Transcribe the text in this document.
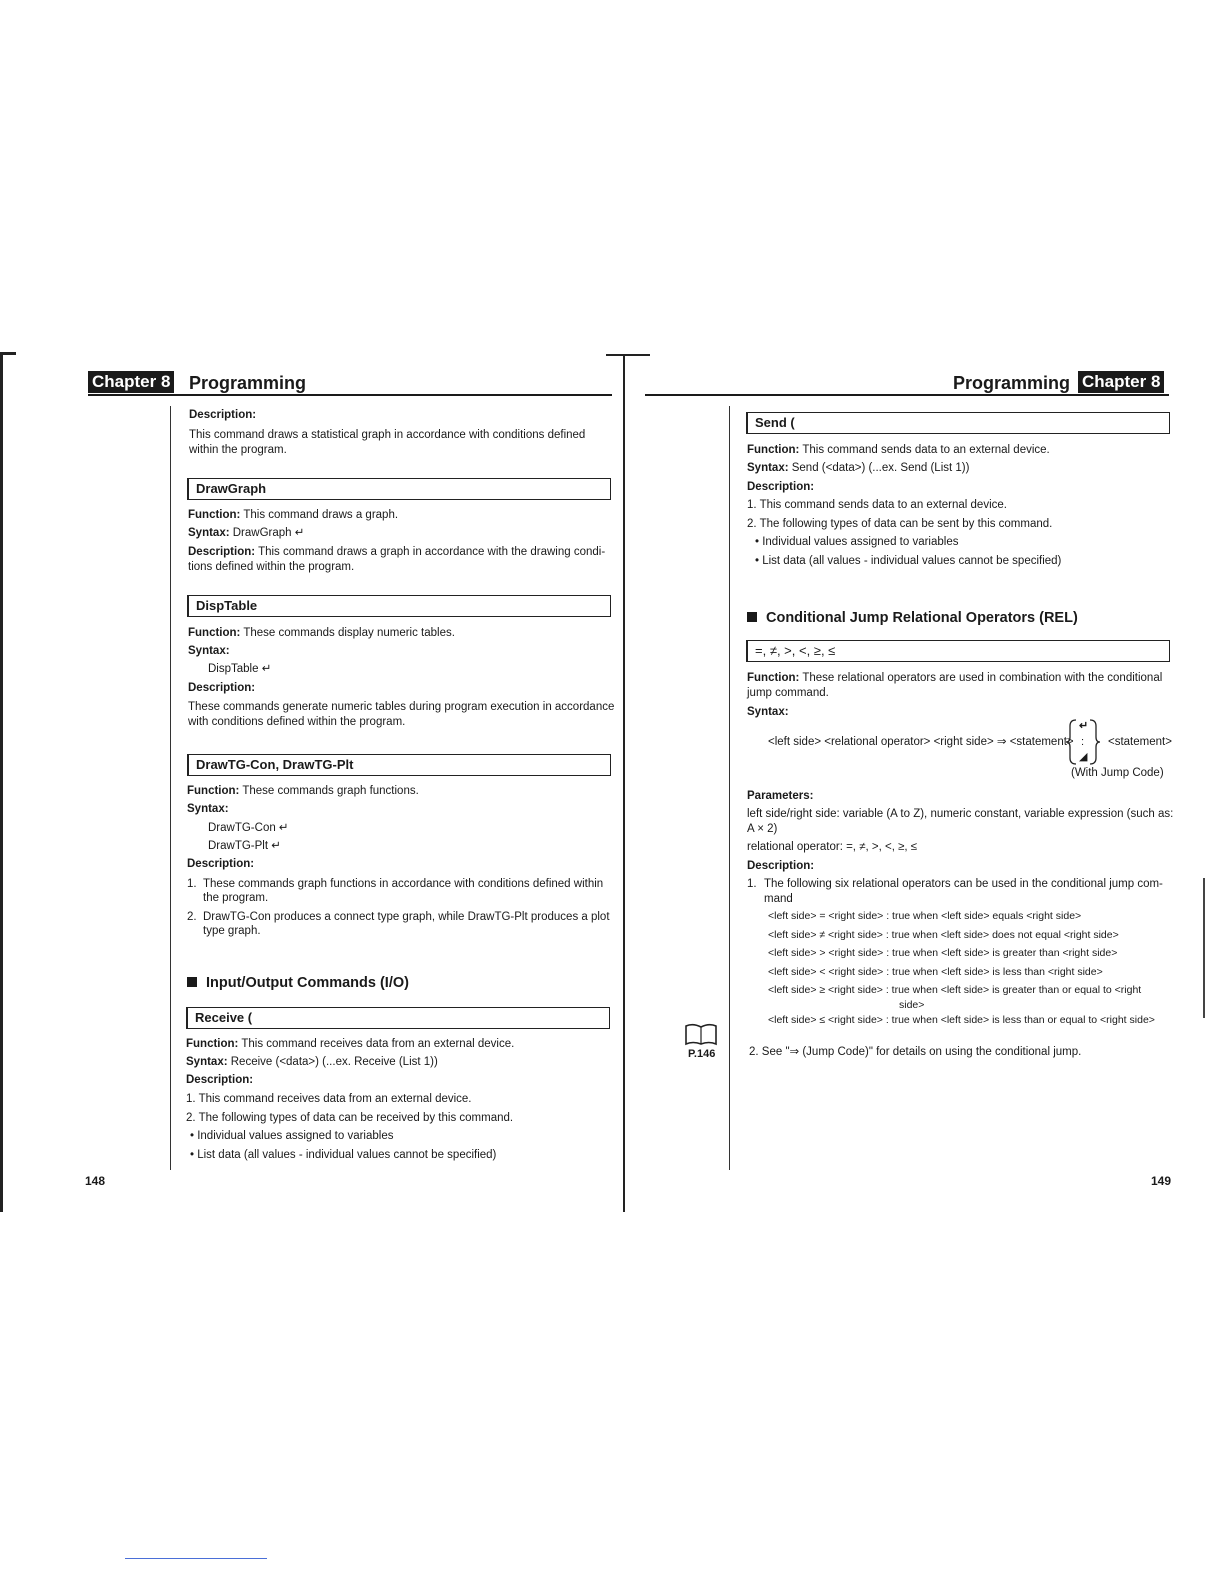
Chapter 8 Programming
Description:
This command draws a statistical graph in accordance with conditions defined within the program.
DrawGraph
Function: This command draws a graph.
Syntax: DrawGraph ↵
Description: This command draws a graph in accordance with the drawing condi-
tions defined within the program.
DispTable
Function: These commands display numeric tables.
Syntax:
DispTable ↵
Description:
These commands generate numeric tables during program execution in accordance
with conditions defined within the program.
DrawTG-Con, DrawTG-Plt
Function: These commands graph functions.
Syntax:
DrawTG-Con ↵
DrawTG-Plt ↵
Description:
1. These commands graph functions in accordance with conditions defined within
the program.
2. DrawTG-Con produces a connect type graph, while DrawTG-Plt produces a plot
type graph.
Input/Output Commands (I/O)
Receive (
Function: This command receives data from an external device.
Syntax: Receive (<data>) (...ex. Receive (List 1))
Description:
1. This command receives data from an external device.
2. The following types of data can be received by this command.
• Individual values assigned to variables
• List data (all values - individual values cannot be specified)
148
Programming Chapter 8
Send (
Function: This command sends data to an external device.
Syntax: Send (<data>) (...ex. Send (List 1))
Description:
1. This command sends data to an external device.
2. The following types of data can be sent by this command.
• Individual values assigned to variables
• List data (all values - individual values cannot be specified)
Conditional Jump Relational Operators (REL)
=, ≠, >, <, ≥, ≤
Function: These relational operators are used in combination with the conditional
jump command.
Syntax:
<left side> <relational operator> <right side> ⇒ <statement>
↵
:
◢
<statement>
(With Jump Code)
Parameters:
left side/right side: variable (A to Z), numeric constant, variable expression (such as:
A × 2)
relational operator: =, ≠, >, <, ≥, ≤
Description:
1. The following six relational operators can be used in the conditional jump com-
mand
<left side> = <right side> : true when <left side> equals <right side>
<left side> ≠ <right side> : true when <left side> does not equal <right side>
<left side> > <right side> : true when <left side> is greater than <right side>
<left side> < <right side> : true when <left side> is less than <right side>
<left side> ≥ <right side> : true when <left side> is greater than or equal to <right
side>
<left side> ≤ <right side> : true when <left side> is less than or equal to <right side>
P.146	2. See "⇒ (Jump Code)" for details on using the conditional jump.
149
